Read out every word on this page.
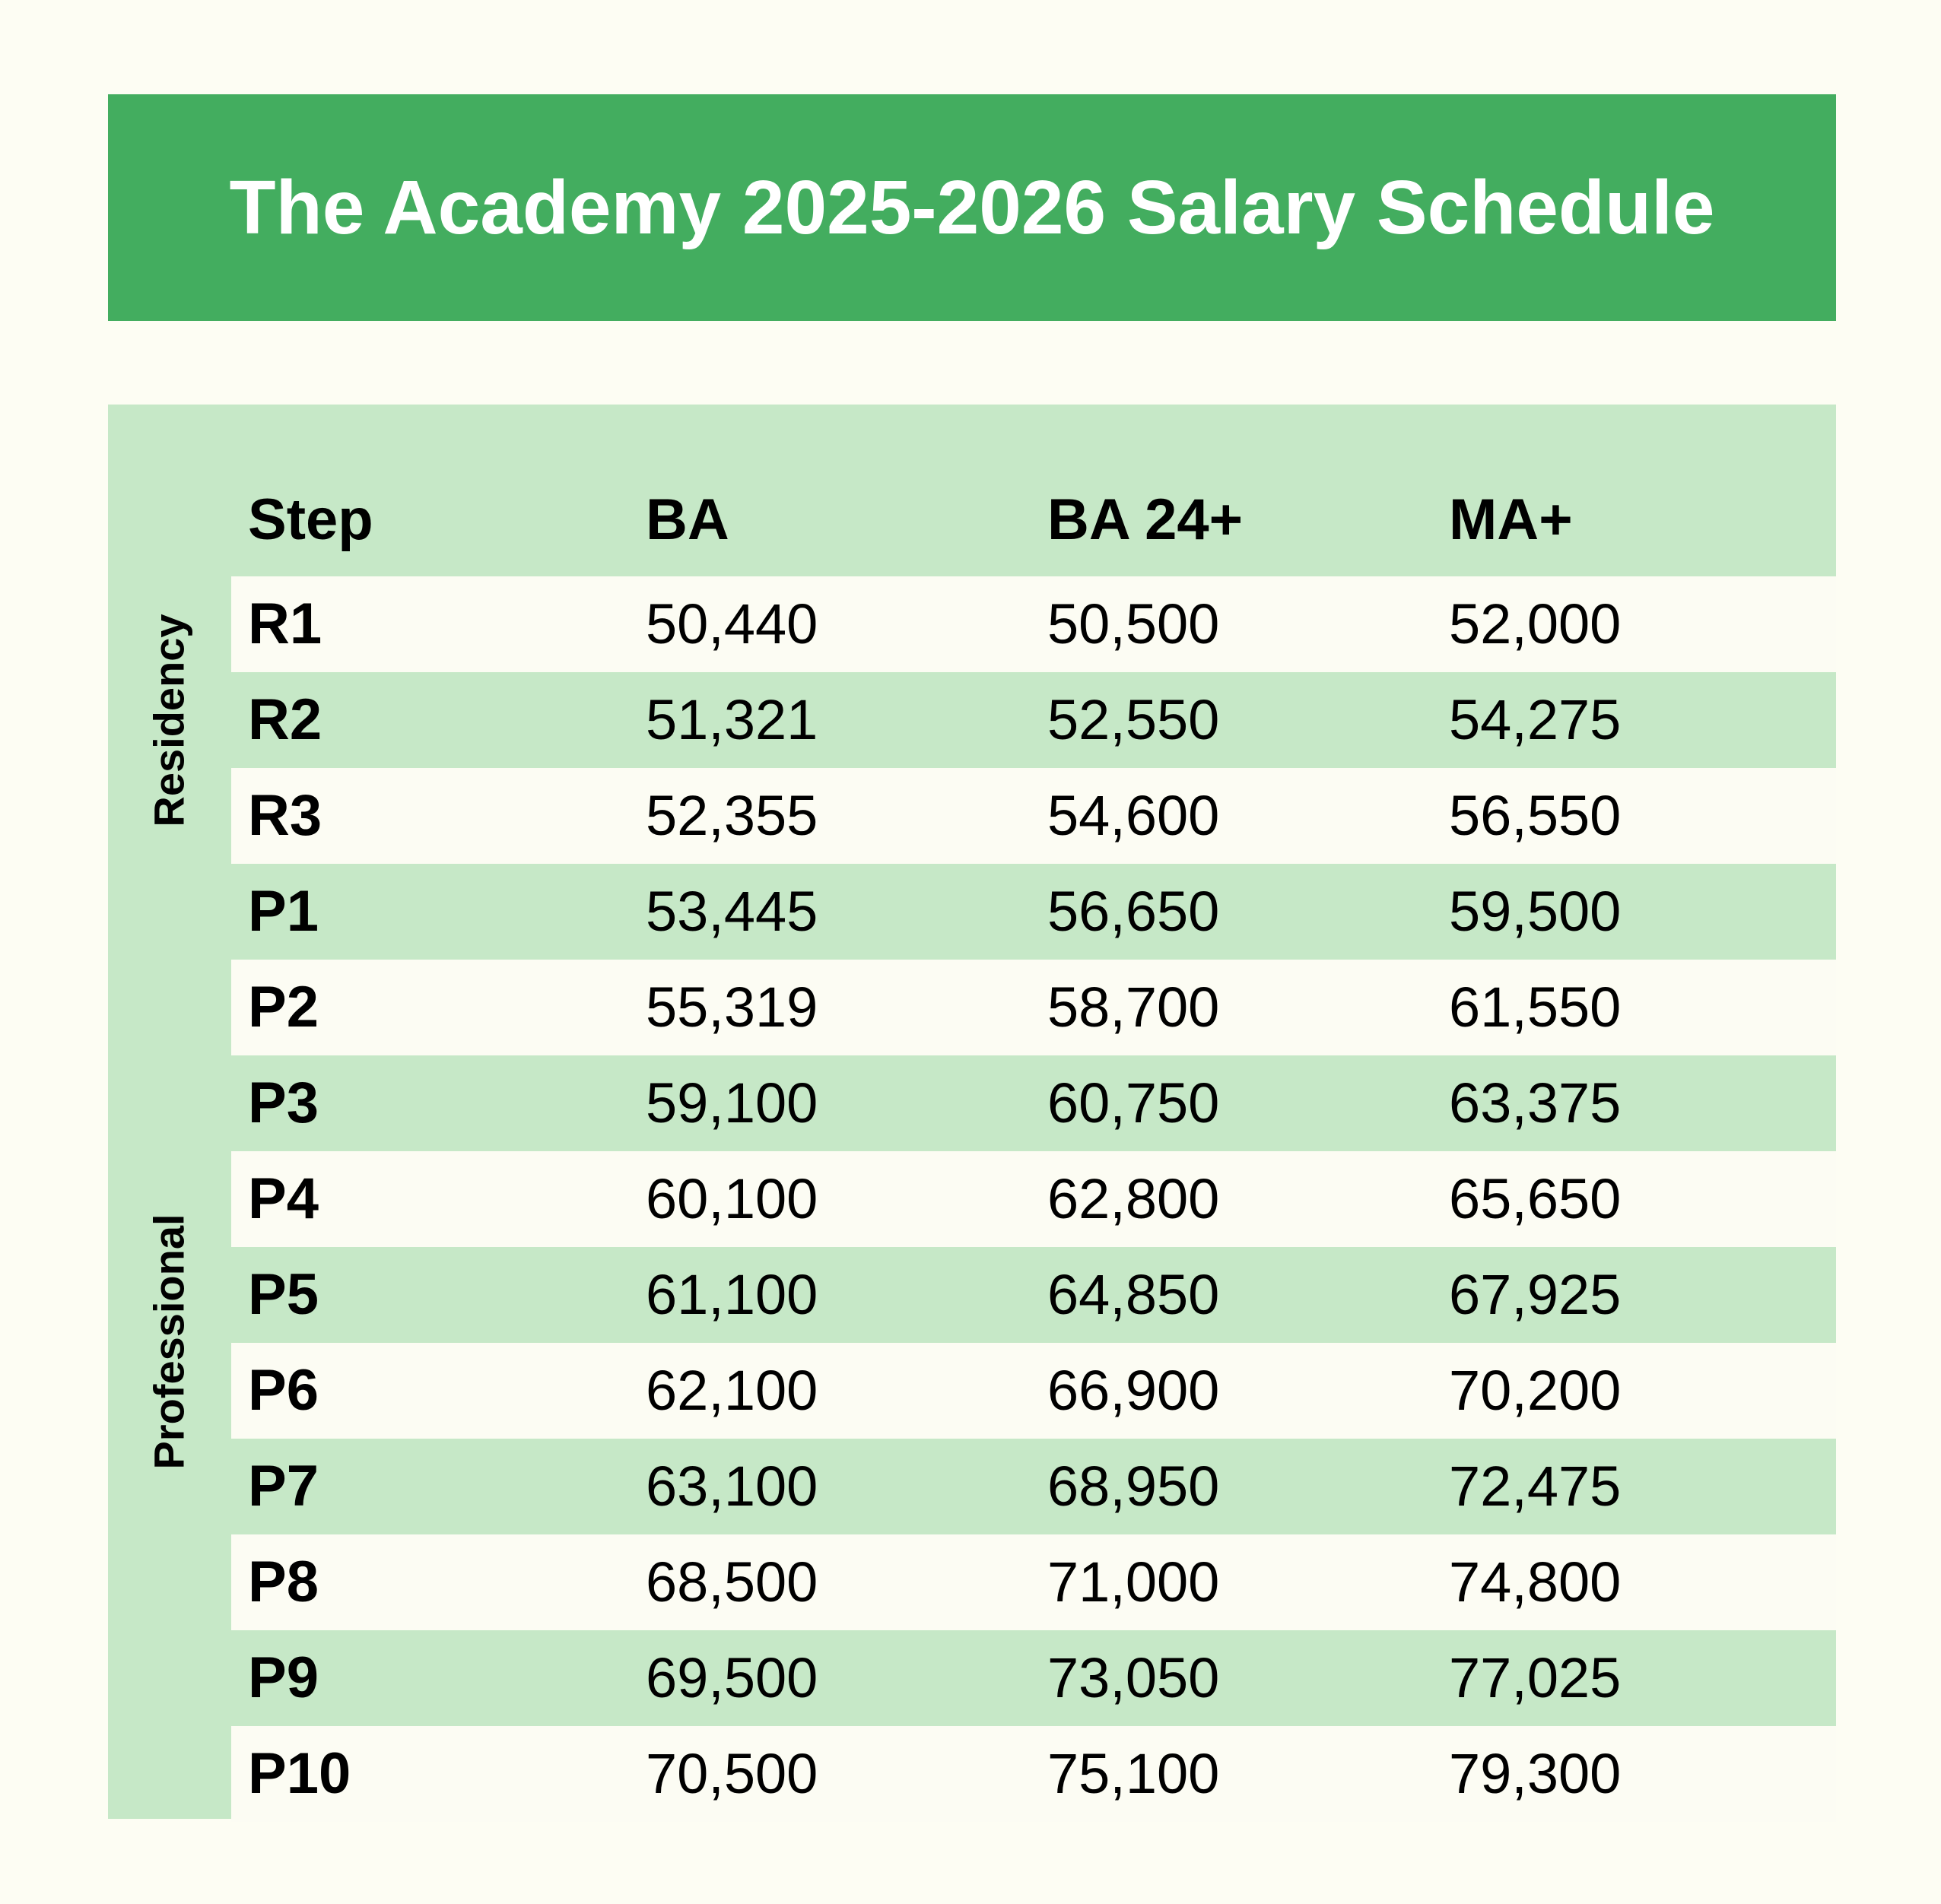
The Academy 2025-2026 Salary Schedule
Residency
Professional
Step	BA	BA 24+	MA+
R1	50,440	50,500	52,000
R2	51,321	52,550	54,275
R3	52,355	54,600	56,550
P1	53,445	56,650	59,500
P2	55,319	58,700	61,550
P3	59,100	60,750	63,375
P4	60,100	62,800	65,650
P5	61,100	64,850	67,925
P6	62,100	66,900	70,200
P7	63,100	68,950	72,475
P8	68,500	71,000	74,800
P9	69,500	73,050	77,025
P10	70,500	75,100	79,300
